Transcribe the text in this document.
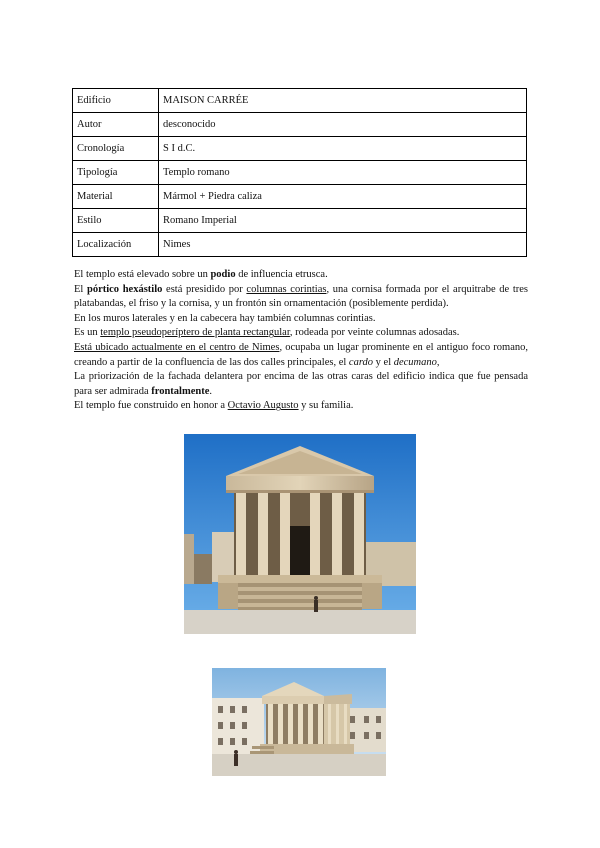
Edificio	MAISON CARRÉE
Autor	desconocido
Cronología	S I d.C.
Tipología	Templo romano
Material	Mármol + Piedra caliza
Estilo	Romano Imperial
Localización	Nimes

El templo está elevado sobre un podio de influencia etrusca.

El pórtico hexástilo está presidido por columnas corintias, una cornisa formada por el arquitrabe de tres platabandas, el friso y la cornisa, y un frontón sin ornamentación (posiblemente perdida).

En los muros laterales y en la cabecera hay también columnas corintias.

Es un templo pseudoperíptero de planta rectangular, rodeada por veinte columnas adosadas.

Está ubicado actualmente en el centro de Nimes, ocupaba un lugar prominente en el antiguo foco romano, creando a partir de la confluencia de las dos calles principales, el cardo y el decumano,

La priorización de la fachada delantera por encima de las otras caras del edificio indica que fue pensada para ser admirada frontalmente.

El templo fue construido en honor a Octavio Augusto y su familia.
